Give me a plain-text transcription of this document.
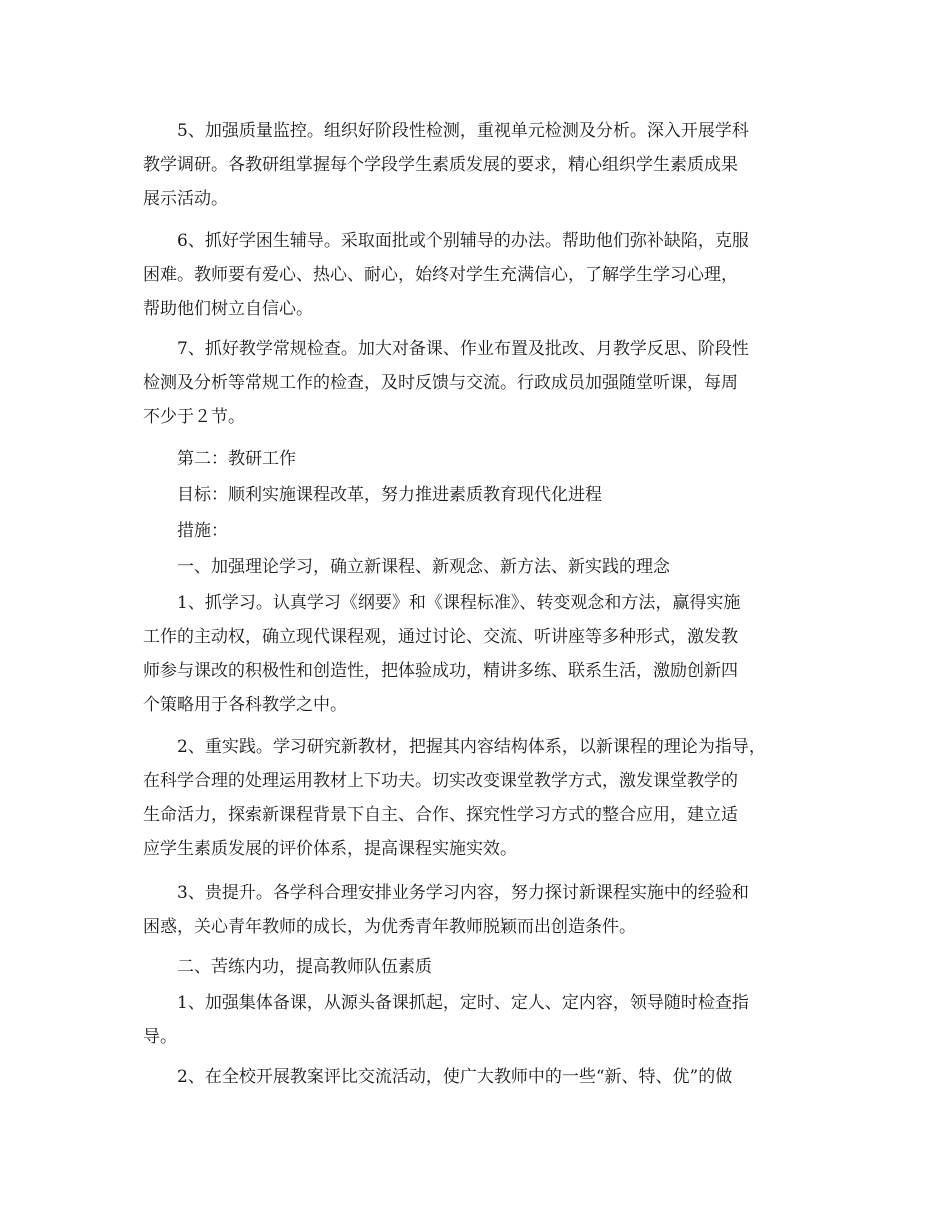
5、加强质量监控。组织好阶段性检测，重视单元检测及分析。深入开展学科
教学调研。各教研组掌握每个学段学生素质发展的要求，精心组织学生素质成果
展示活动。

6、抓好学困生辅导。采取面批或个别辅导的办法。帮助他们弥补缺陷，克服
困难。教师要有爱心、热心、耐心，始终对学生充满信心，了解学生学习心理，
帮助他们树立自信心。

7、抓好教学常规检查。加大对备课、作业布置及批改、月教学反思、阶段性
检测及分析等常规工作的检查，及时反馈与交流。行政成员加强随堂听课，每周
不少于２节。

第二：教研工作

目标：顺利实施课程改革，努力推进素质教育现代化进程

措施：

一、加强理论学习，确立新课程、新观念、新方法、新实践的理念

1、抓学习。认真学习《纲要》和《课程标准》、转变观念和方法，赢得实施
工作的主动权，确立现代课程观，通过讨论、交流、听讲座等多种形式，激发教
师参与课改的积极性和创造性，把体验成功，精讲多练、联系生活，激励创新四
个策略用于各科教学之中。

2、重实践。学习研究新教材，把握其内容结构体系，以新课程的理论为指导，
在科学合理的处理运用教材上下功夫。切实改变课堂教学方式，激发课堂教学的
生命活力，探索新课程背景下自主、合作、探究性学习方式的整合应用，建立适
应学生素质发展的评价体系，提高课程实施实效。

3、贵提升。各学科合理安排业务学习内容，努力探讨新课程实施中的经验和
困惑，关心青年教师的成长，为优秀青年教师脱颖而出创造条件。

二、苦练内功，提高教师队伍素质

1、加强集体备课，从源头备课抓起，定时、定人、定内容，领导随时检查指
导。

2、在全校开展教案评比交流活动，使广大教师中的一些“新、特、优”的做
